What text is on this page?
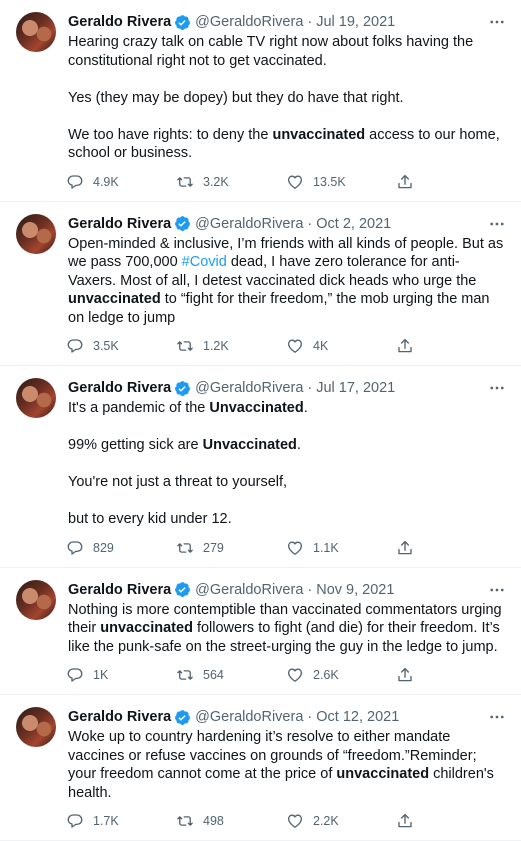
Geraldo Rivera @GeraldoRivera · Jul 19, 2021

Hearing crazy talk on cable TV right now about folks having the constitutional right not to get vaccinated.

Yes (they may be dopey) but they do have that right.

We too have rights: to deny the unvaccinated access to our home, school or business.

4.9K	3.2K	13.5K
Geraldo Rivera @GeraldoRivera · Oct 2, 2021

Open-minded & inclusive, I’m friends with all kinds of people. But as we pass 700,000 #Covid dead, I have zero tolerance for anti-Vaxers. Most of all, I detest vaccinated dick heads who urge the unvaccinated to “fight for their freedom,” the mob urging the man on ledge to jump

3.5K	1.2K	4K
Geraldo Rivera @GeraldoRivera · Jul 17, 2021

It's a pandemic of the Unvaccinated.

99% getting sick are Unvaccinated.

You're not just a threat to yourself,

but to every kid under 12.

829	279	1.1K
Geraldo Rivera @GeraldoRivera · Nov 9, 2021

Nothing is more contemptible than vaccinated commentators urging their unvaccinated followers to fight (and die) for their freedom. It’s like the punk-safe on the street-urging the guy in the ledge to jump.

1K	564	2.6K
Geraldo Rivera @GeraldoRivera · Oct 12, 2021

Woke up to country hardening it’s resolve to either mandate vaccines or refuse vaccines on grounds of “freedom.”Reminder; your freedom cannot come at the price of unvaccinated children's health.

1.7K	498	2.2K
